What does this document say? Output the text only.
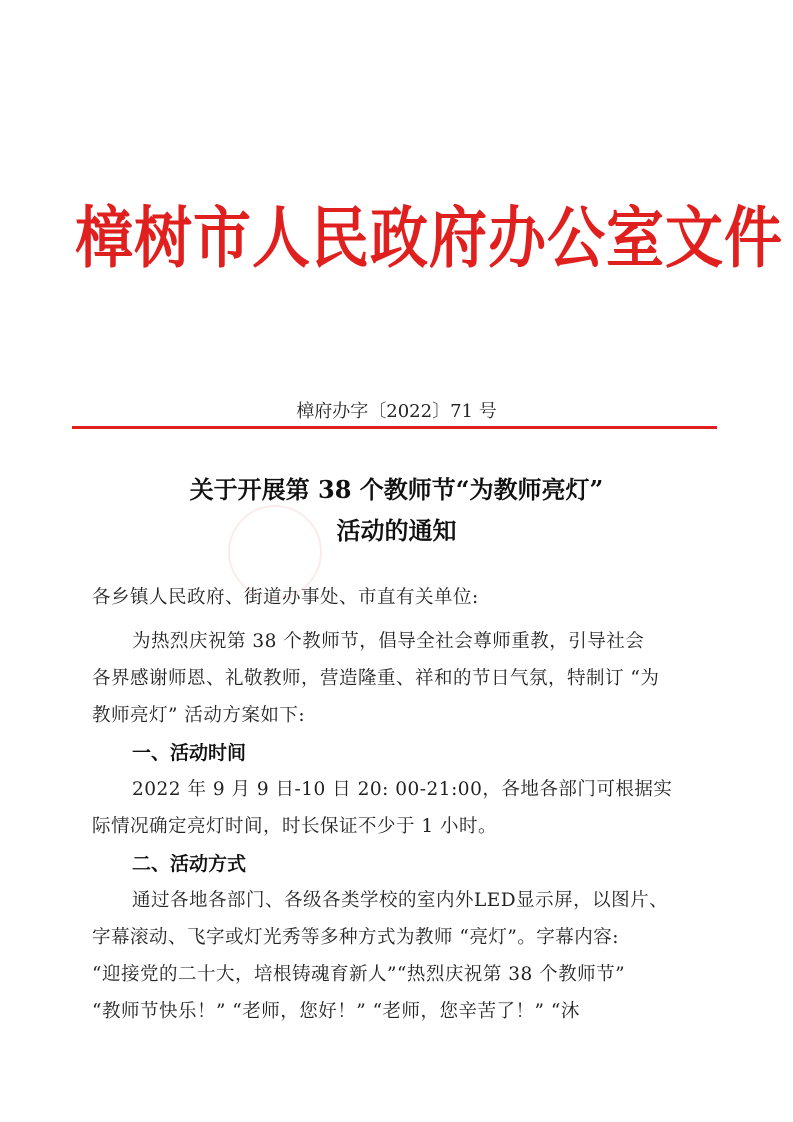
樟树市人民政府办公室文件
樟府办字〔2022〕71 号
关于开展第 38 个教师节“为教师亮灯”
活动的通知
各乡镇人民政府、街道办事处、市直有关单位:
为热烈庆祝第 38 个教师节，倡导全社会尊师重教，引导社会
各界感谢师恩、礼敬教师，营造隆重、祥和的节日气氛，特制订 “为
教师亮灯” 活动方案如下:
一、活动时间
2022 年 9 月 9 日-10 日 20: 00-21:00，各地各部门可根据实
际情况确定亮灯时间，时长保证不少于 1 小时。
二、活动方式
通过各地各部门、各级各类学校的室内外LED显示屏，以图片、
字幕滚动、飞字或灯光秀等多种方式为教师 “亮灯”。字幕内容:
“迎接党的二十大，培根铸魂育新人”“热烈庆祝第 38 个教师节”
“教师节快乐！” “老师，您好！” “老师，您辛苦了！” “沐
